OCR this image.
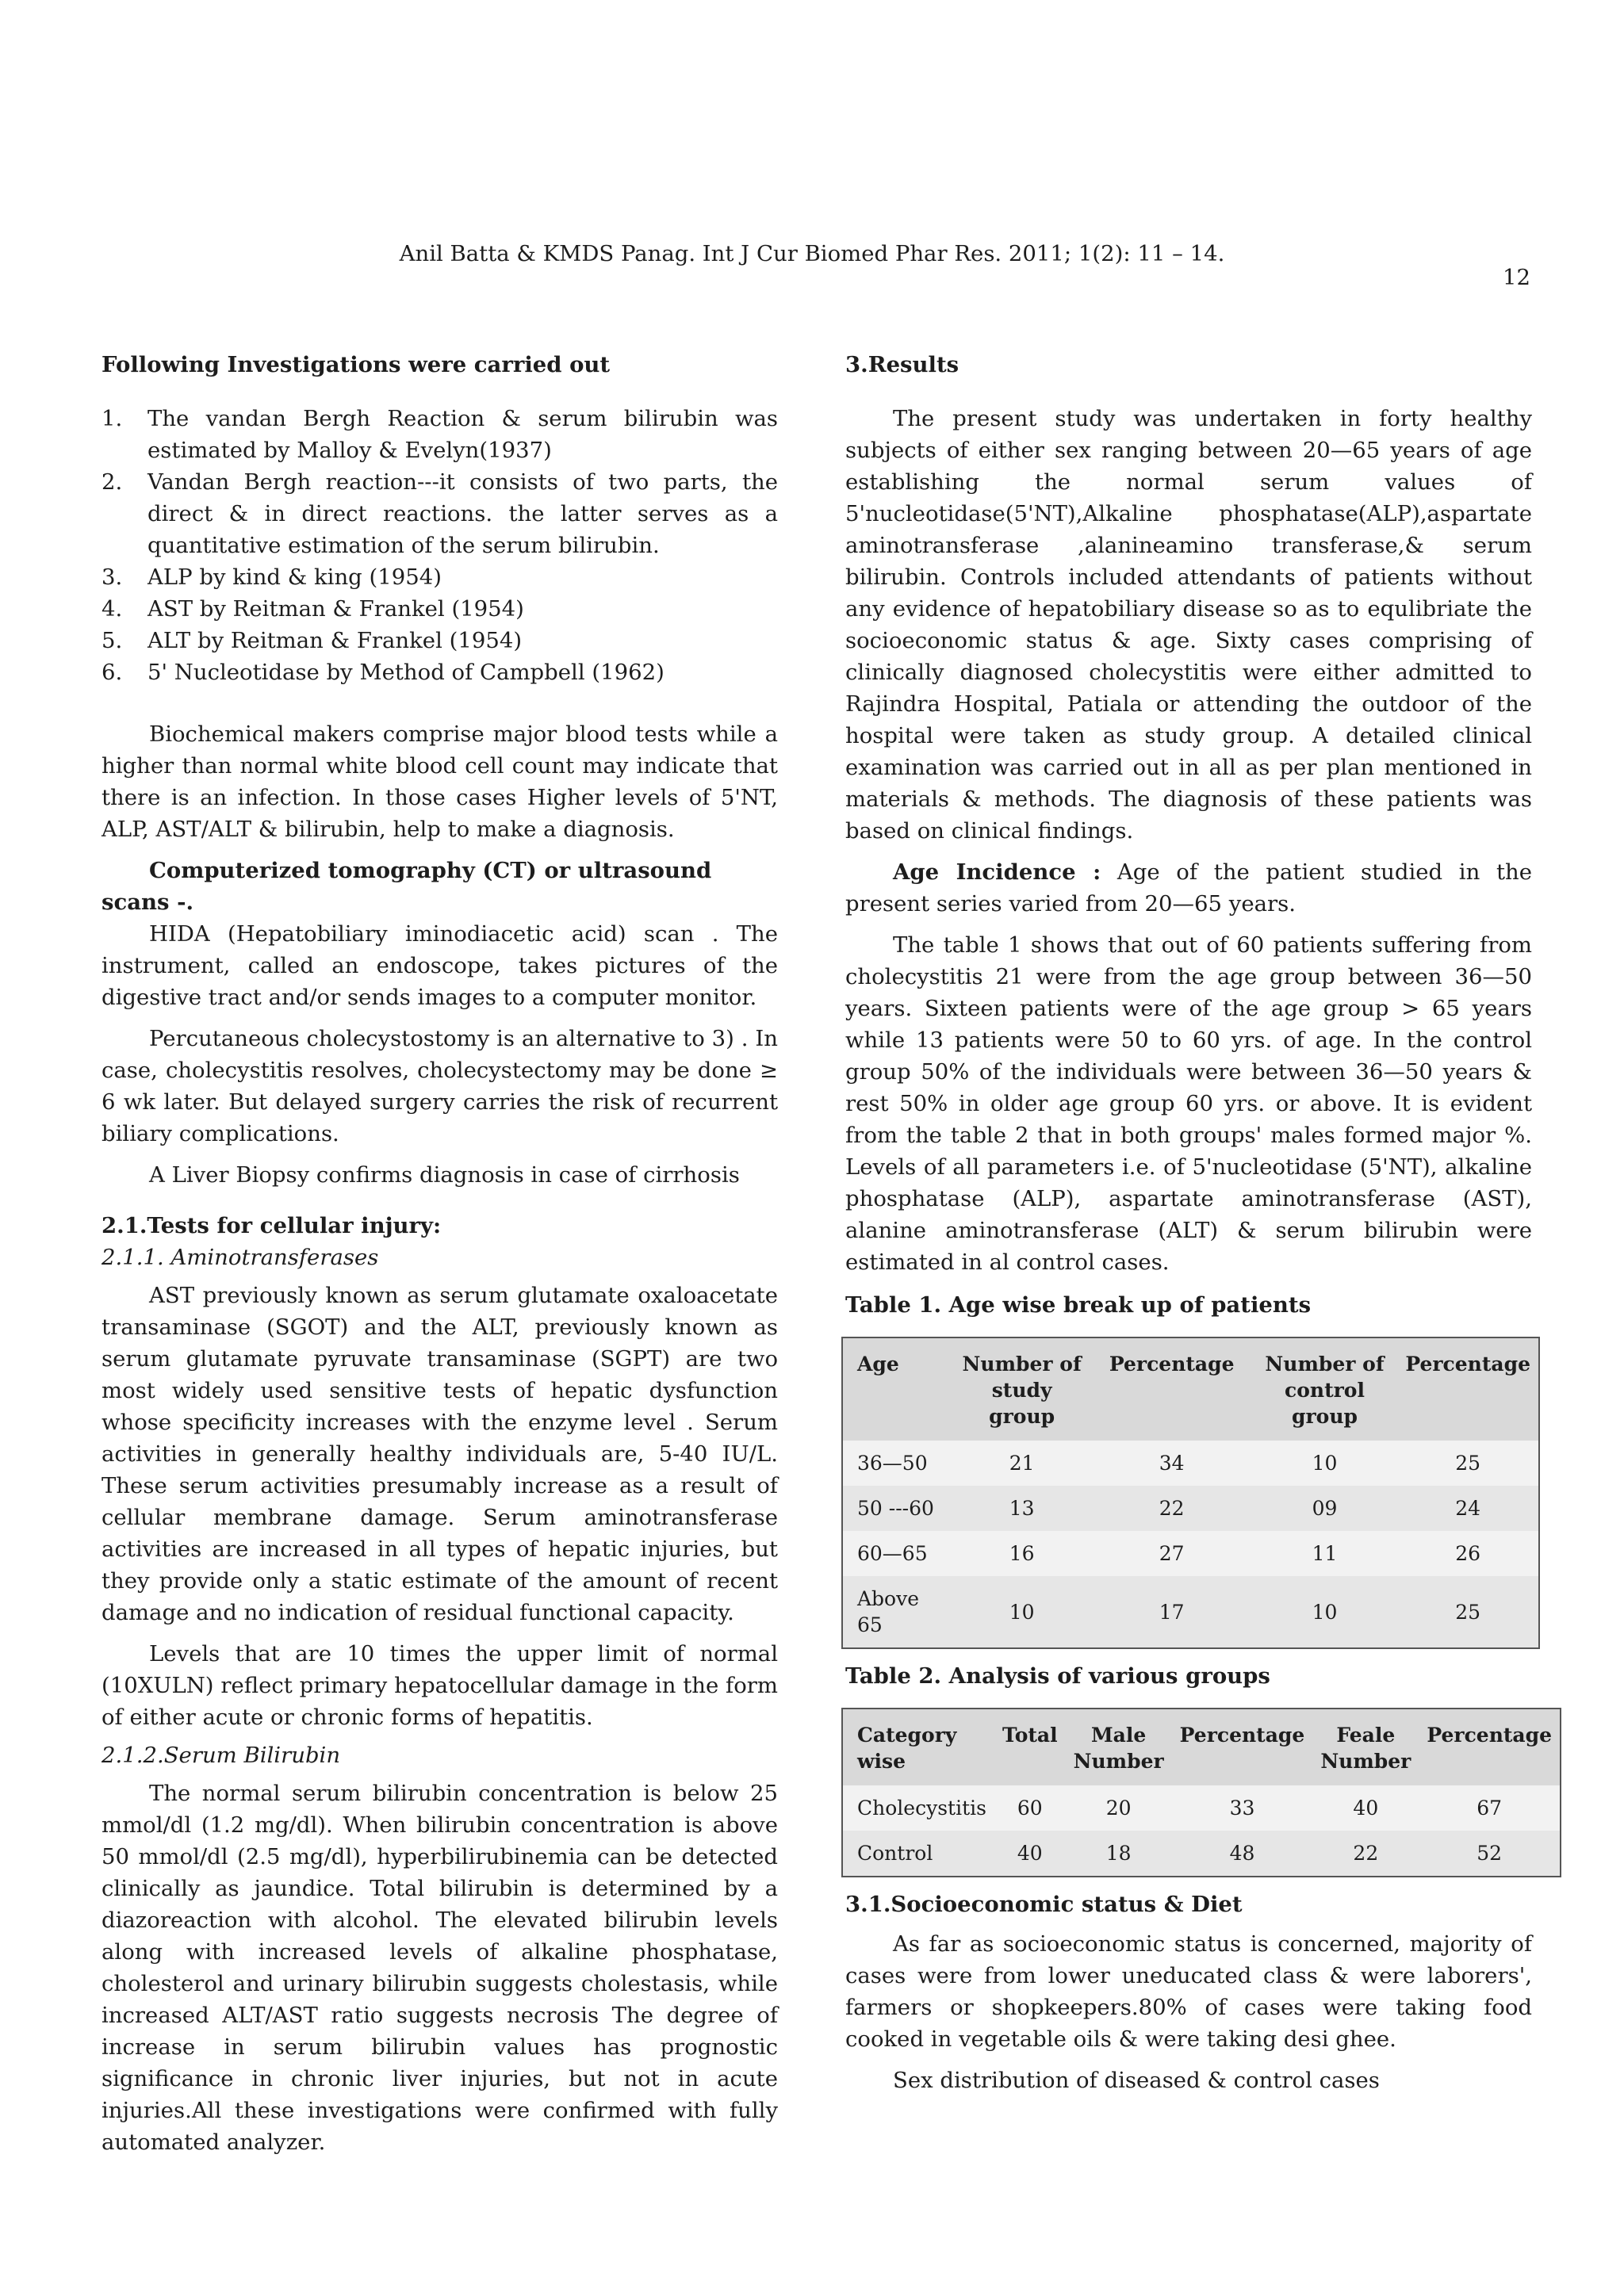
Anil Batta & KMDS Panag. Int J Cur Biomed Phar Res. 2011; 1(2): 11 – 14.

12

Following Investigations were carried out

1.	The vandan Bergh Reaction & serum bilirubin was estimated by Malloy & Evelyn(1937)
2.	Vandan Bergh reaction---it consists of two parts, the direct & in direct reactions. the latter serves as a quantitative estimation of the serum bilirubin.
3.	ALP by kind & king (1954)
4.	AST by Reitman & Frankel (1954)
5.	ALT by Reitman & Frankel (1954)
6.	5' Nucleotidase by Method of Campbell (1962)

Biochemical makers comprise major blood tests while a higher than normal white blood cell count may indicate that there is an infection. In those cases Higher levels of 5'NT, ALP, AST/ALT & bilirubin, help to make a diagnosis.

Computerized tomography (CT) or ultrasound scans -.

HIDA (Hepatobiliary iminodiacetic acid) scan . The instrument, called an endoscope, takes pictures of the digestive tract and/or sends images to a computer monitor.

Percutaneous cholecystostomy is an alternative to 3) . In case, cholecystitis resolves, cholecystectomy may be done ≥ 6 wk later. But delayed surgery carries the risk of recurrent biliary complications.

A Liver Biopsy confirms diagnosis in case of cirrhosis

2.1.Tests for cellular injury:

2.1.1. Aminotransferases

AST previously known as serum glutamate oxaloacetate transaminase (SGOT) and the ALT, previously known as serum glutamate pyruvate transaminase (SGPT) are two most widely used sensitive tests of hepatic dysfunction whose specificity increases with the enzyme level . Serum activities in generally healthy individuals are, 5-40 IU/L. These serum activities presumably increase as a result of cellular membrane damage. Serum aminotransferase activities are increased in all types of hepatic injuries, but they provide only a static estimate of the amount of recent damage and no indication of residual functional capacity.

Levels that are 10 times the upper limit of normal (10XULN) reflect primary hepatocellular damage in the form of either acute or chronic forms of hepatitis.

2.1.2.Serum Bilirubin

The normal serum bilirubin concentration is below 25 mmol/dl (1.2 mg/dl). When bilirubin concentration is above 50 mmol/dl (2.5 mg/dl), hyperbilirubinemia can be detected clinically as jaundice. Total bilirubin is determined by a diazoreaction with alcohol. The elevated bilirubin levels along with increased levels of alkaline phosphatase, cholesterol and urinary bilirubin suggests cholestasis, while increased ALT/AST ratio suggests necrosis The degree of increase in serum bilirubin values has prognostic significance in chronic liver injuries, but not in acute injuries.All these investigations were confirmed with fully automated analyzer.

3.Results

The present study was undertaken in forty healthy subjects of either sex ranging between 20—65 years of age establishing the normal serum values of 5'nucleotidase(5'NT),Alkaline phosphatase(ALP),aspartate aminotransferase ,alanineamino transferase,& serum bilirubin. Controls included attendants of patients without any evidence of hepatobiliary disease so as to equlibriate the socioeconomic status & age. Sixty cases comprising of clinically diagnosed cholecystitis were either admitted to Rajindra Hospital, Patiala or attending the outdoor of the hospital were taken as study group. A detailed clinical examination was carried out in all as per plan mentioned in materials & methods. The diagnosis of these patients was based on clinical findings.

Age Incidence : Age of the patient studied in the present series varied from 20—65 years.

The table 1 shows that out of 60 patients suffering from cholecystitis 21 were from the age group between 36—50 years. Sixteen patients were of the age group > 65 years while 13 patients were 50 to 60 yrs. of age. In the control group 50% of the individuals were between 36—50 years & rest 50% in older age group 60 yrs. or above. It is evident from the table 2 that in both groups' males formed major %. Levels of all parameters i.e. of 5'nucleotidase (5'NT), alkaline phosphatase (ALP), aspartate aminotransferase (AST), alanine aminotransferase (ALT) & serum bilirubin were estimated in al control cases.

Table 1. Age wise break up of patients

Age	Number of study group	Percentage	Number of control group	Percentage
36—50	21	34	10	25
50 ---60	13	22	09	24
60—65	16	27	11	26
Above 65	10	17	10	25

Table 2. Analysis of various groups

Category wise	Total	Male Number	Percentage	Feale Number	Percentage
Cholecystitis	60	20	33	40	67
Control	40	18	48	22	52

3.1.Socioeconomic status & Diet

As far as socioeconomic status is concerned, majority of cases were from lower uneducated class & were laborers', farmers or shopkeepers.80% of cases were taking food cooked in vegetable oils & were taking desi ghee.

Sex distribution of diseased & control cases
